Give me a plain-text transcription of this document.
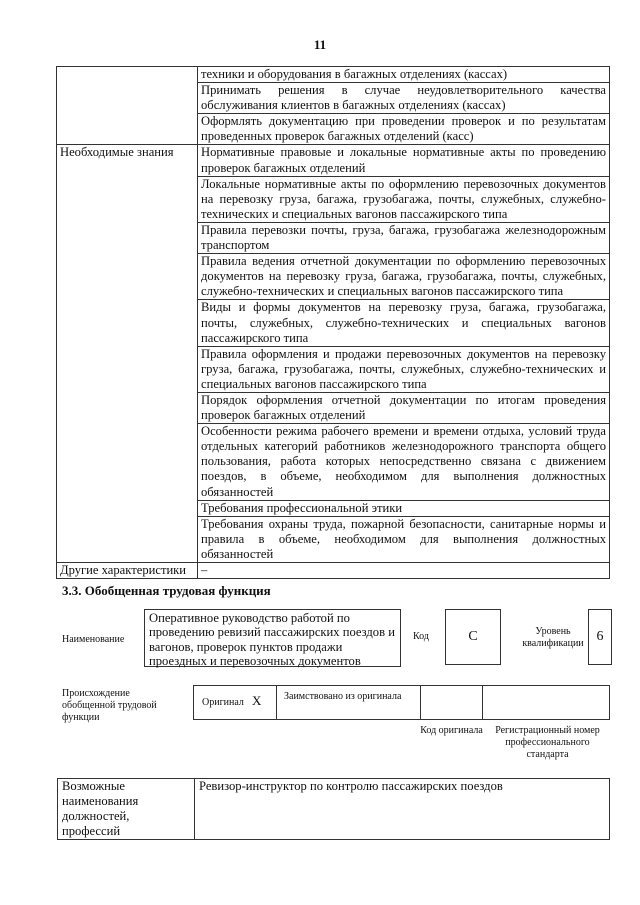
11
	техники и оборудования в багажных отделениях (кассах)
	Принимать решения в случае неудовлетворительного качества обслуживания клиентов в багажных отделениях (кассах)
	Оформлять документацию при проведении проверок и по результатам проведенных проверок багажных отделений (касс)
Необходимые знания	Нормативные правовые и локальные нормативные акты по проведению проверок багажных отделений
	Локальные нормативные акты по оформлению перевозочных документов на перевозку груза, багажа, грузобагажа, почты, служебных, служебно-технических и специальных вагонов пассажирского типа
	Правила перевозки почты, груза, багажа, грузобагажа железнодорожным транспортом
	Правила ведения отчетной документации по оформлению перевозочных документов на перевозку груза, багажа, грузобагажа, почты, служебных, служебно-технических и специальных вагонов пассажирского типа
	Виды и формы документов на перевозку груза, багажа, грузобагажа, почты, служебных, служебно-технических и специальных вагонов пассажирского типа
	Правила оформления и продажи перевозочных документов на перевозку груза, багажа, грузобагажа, почты, служебных, служебно-технических и специальных вагонов пассажирского типа
	Порядок оформления отчетной документации по итогам проведения проверок багажных отделений
	Особенности режима рабочего времени и времени отдыха, условий труда отдельных категорий работников железнодорожного транспорта общего пользования, работа которых непосредственно связана с движением поездов, в объеме, необходимом для выполнения должностных обязанностей
	Требования профессиональной этики
	Требования охраны труда, пожарной безопасности, санитарные нормы и правила в объеме, необходимом для выполнения должностных обязанностей
Другие характеристики	–
3.3. Обобщенная трудовая функция
Наименование
Оперативное руководство работой по проведению ревизий пассажирских поездов и вагонов, проверок пунктов продажи проездных и перевозочных документов
Код	C	Уровень квалификации 6
Происхождение обобщенной трудовой функции
Оригинал X	Заимствовано из оригинала
Код оригинала	Регистрационный номер профессионального стандарта
Возможные наименования должностей, профессий	Ревизор-инструктор по контролю пассажирских поездов
